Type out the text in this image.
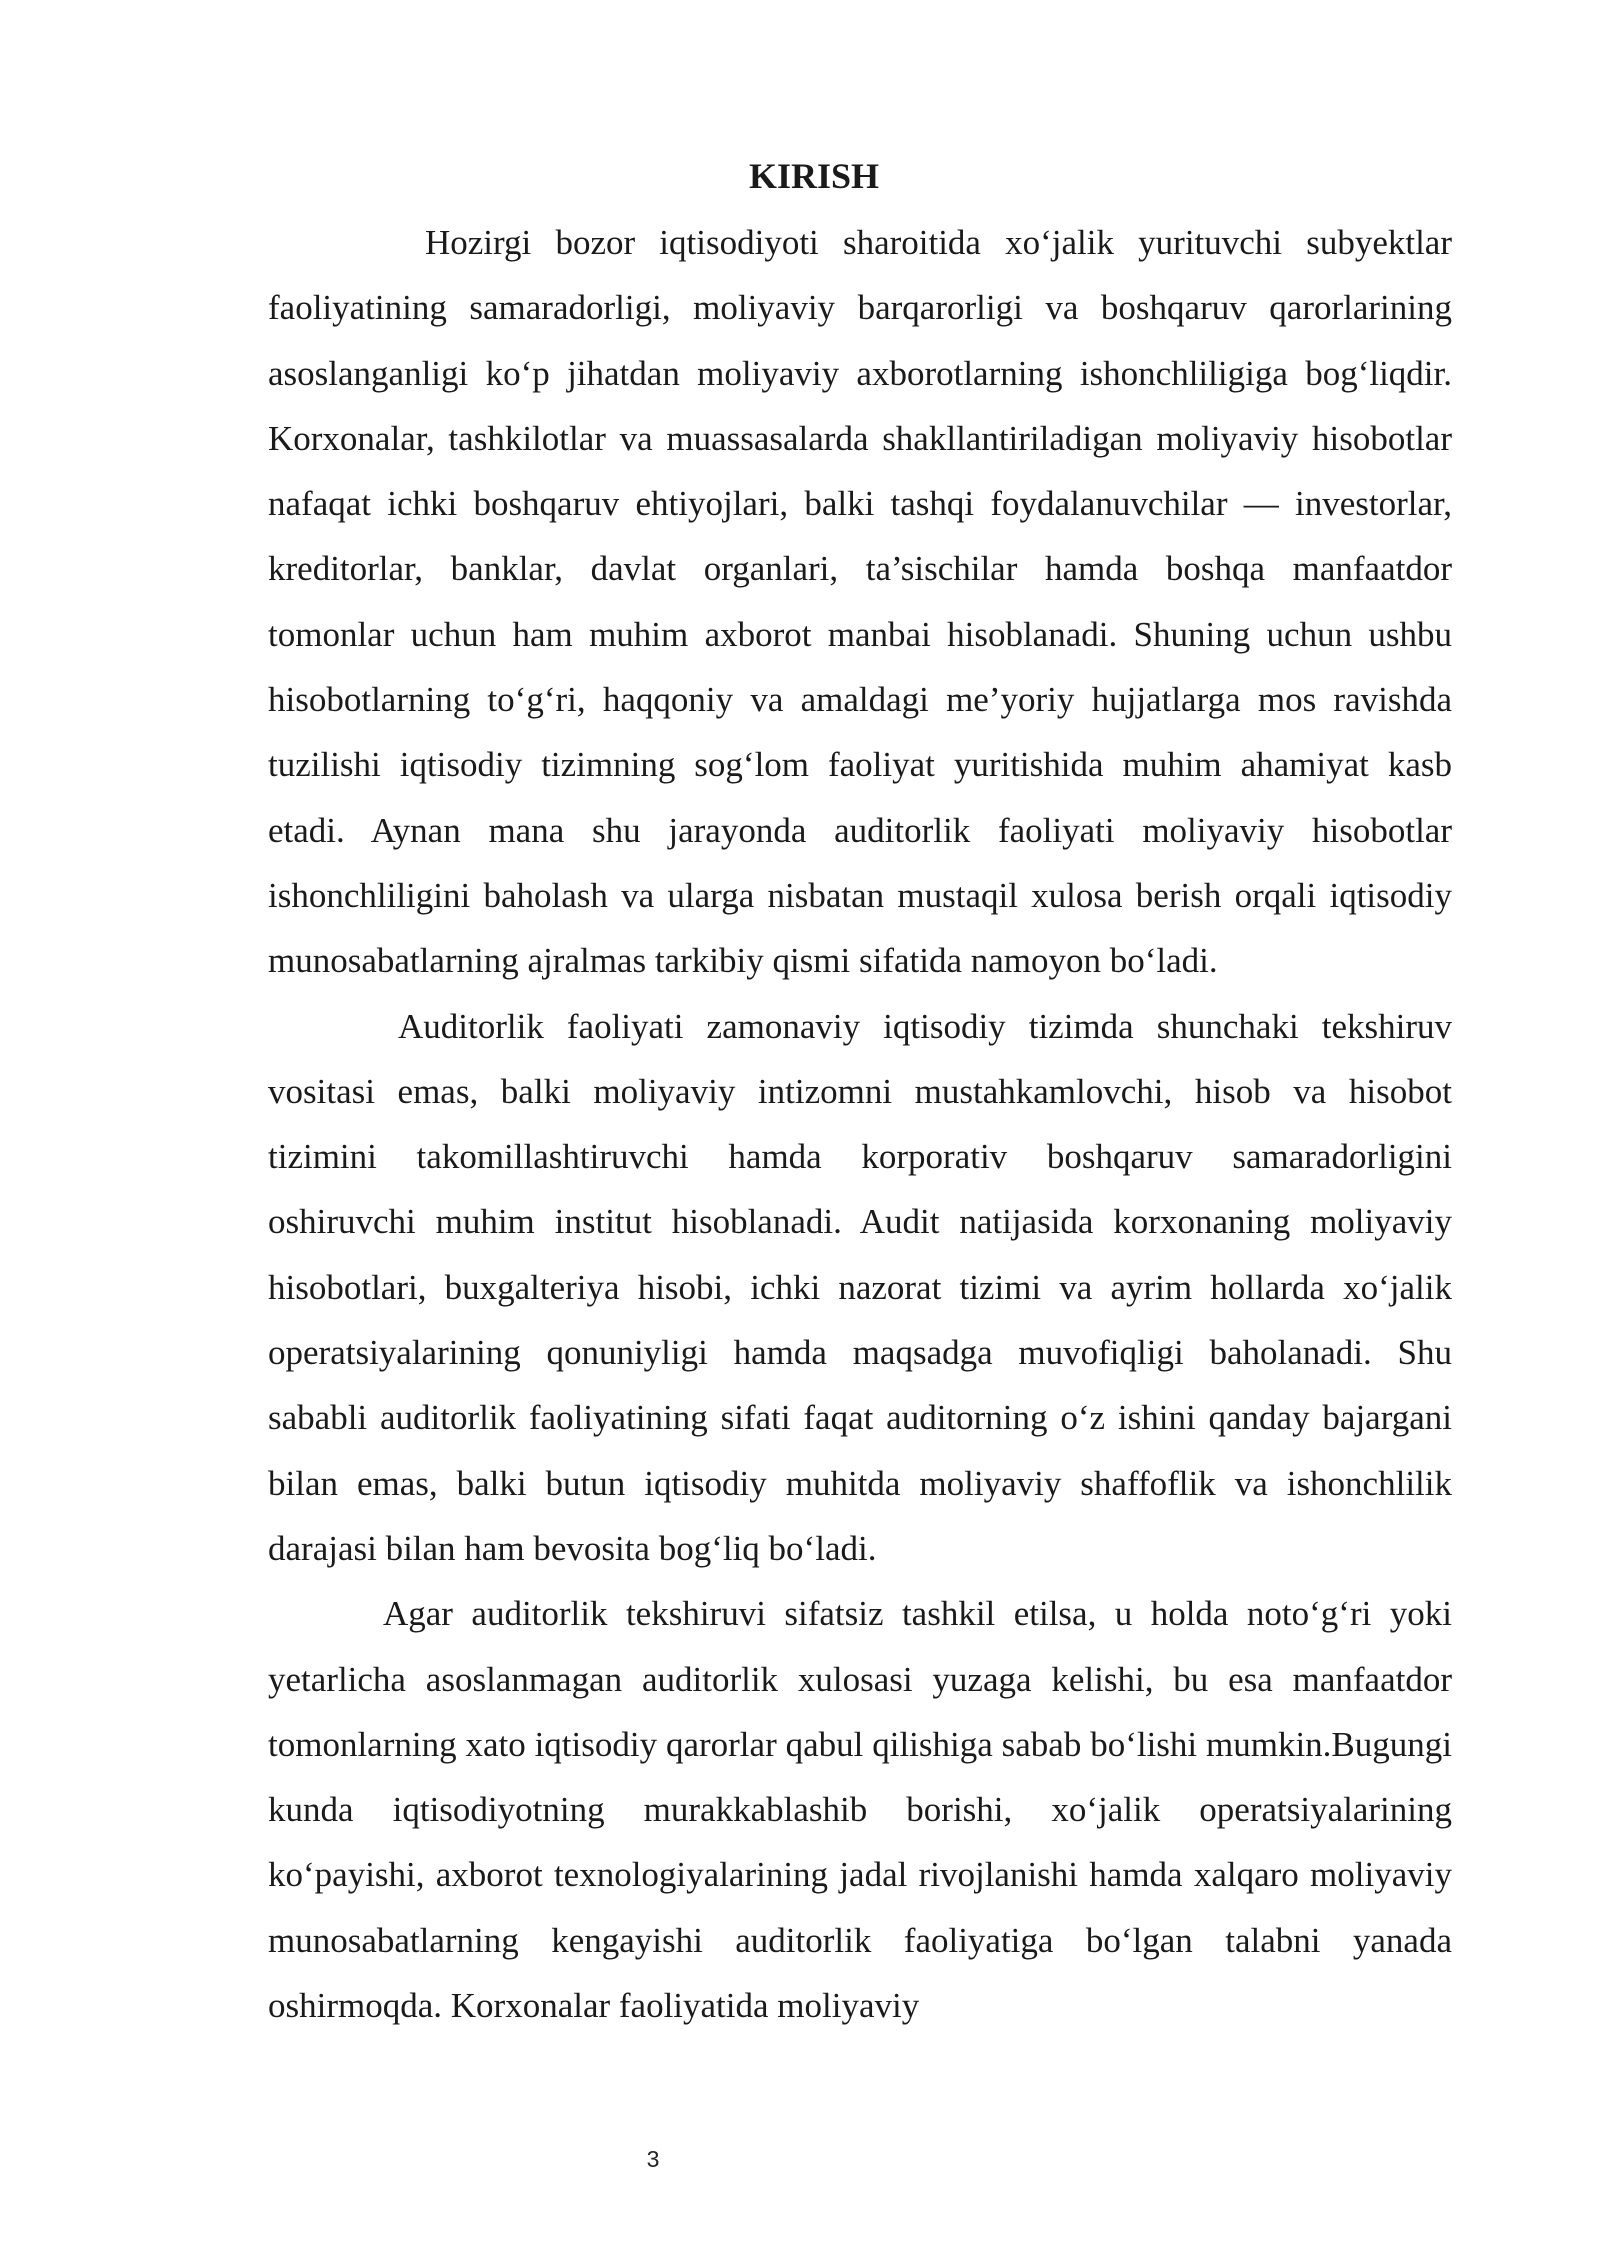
KIRISH

Hozirgi bozor iqtisodiyoti sharoitida xo‘jalik yurituvchi subyektlar faoliyatining samaradorligi, moliyaviy barqarorligi va boshqaruv qarorlarining asoslanganligi ko‘p jihatdan moliyaviy axborotlarning ishonchliligiga bog‘liqdir. Korxonalar, tashkilotlar va muassasalarda shakllantiriladigan moliyaviy hisobotlar nafaqat ichki boshqaruv ehtiyojlari, balki tashqi foydalanuvchilar — investorlar, kreditorlar, banklar, davlat organlari, ta’sischilar hamda boshqa manfaatdor tomonlar uchun ham muhim axborot manbai hisoblanadi. Shuning uchun ushbu hisobotlarning to‘g‘ri, haqqoniy va amaldagi me’yoriy hujjatlarga mos ravishda tuzilishi iqtisodiy tizimning sog‘lom faoliyat yuritishida muhim ahamiyat kasb etadi. Aynan mana shu jarayonda auditorlik faoliyati moliyaviy hisobotlar ishonchliligini baholash va ularga nisbatan mustaqil xulosa berish orqali iqtisodiy munosabatlarning ajralmas tarkibiy qismi sifatida namoyon bo‘ladi.

Auditorlik faoliyati zamonaviy iqtisodiy tizimda shunchaki tekshiruv vositasi emas, balki moliyaviy intizomni mustahkamlovchi, hisob va hisobot tizimini takomillashtiruvchi hamda korporativ boshqaruv samaradorligini oshiruvchi muhim institut hisoblanadi. Audit natijasida korxonaning moliyaviy hisobotlari, buxgalteriya hisobi, ichki nazorat tizimi va ayrim hollarda xo‘jalik operatsiyalarining qonuniyligi hamda maqsadga muvofiqligi baholanadi. Shu sababli auditorlik faoliyatining sifati faqat auditorning o‘z ishini qanday bajargani bilan emas, balki butun iqtisodiy muhitda moliyaviy shaffoflik va ishonchlilik darajasi bilan ham bevosita bog‘liq bo‘ladi.

Agar auditorlik tekshiruvi sifatsiz tashkil etilsa, u holda noto‘g‘ri yoki yetarlicha asoslanmagan auditorlik xulosasi yuzaga kelishi, bu esa manfaatdor tomonlarning xato iqtisodiy qarorlar qabul qilishiga sabab bo‘lishi mumkin.Bugungi kunda iqtisodiyotning murakkablashib borishi, xo‘jalik operatsiyalarining ko‘payishi, axborot texnologiyalarining jadal rivojlanishi hamda xalqaro moliyaviy munosabatlarning kengayishi auditorlik faoliyatiga bo‘lgan talabni yanada oshirmoqda. Korxonalar faoliyatida moliyaviy

3
